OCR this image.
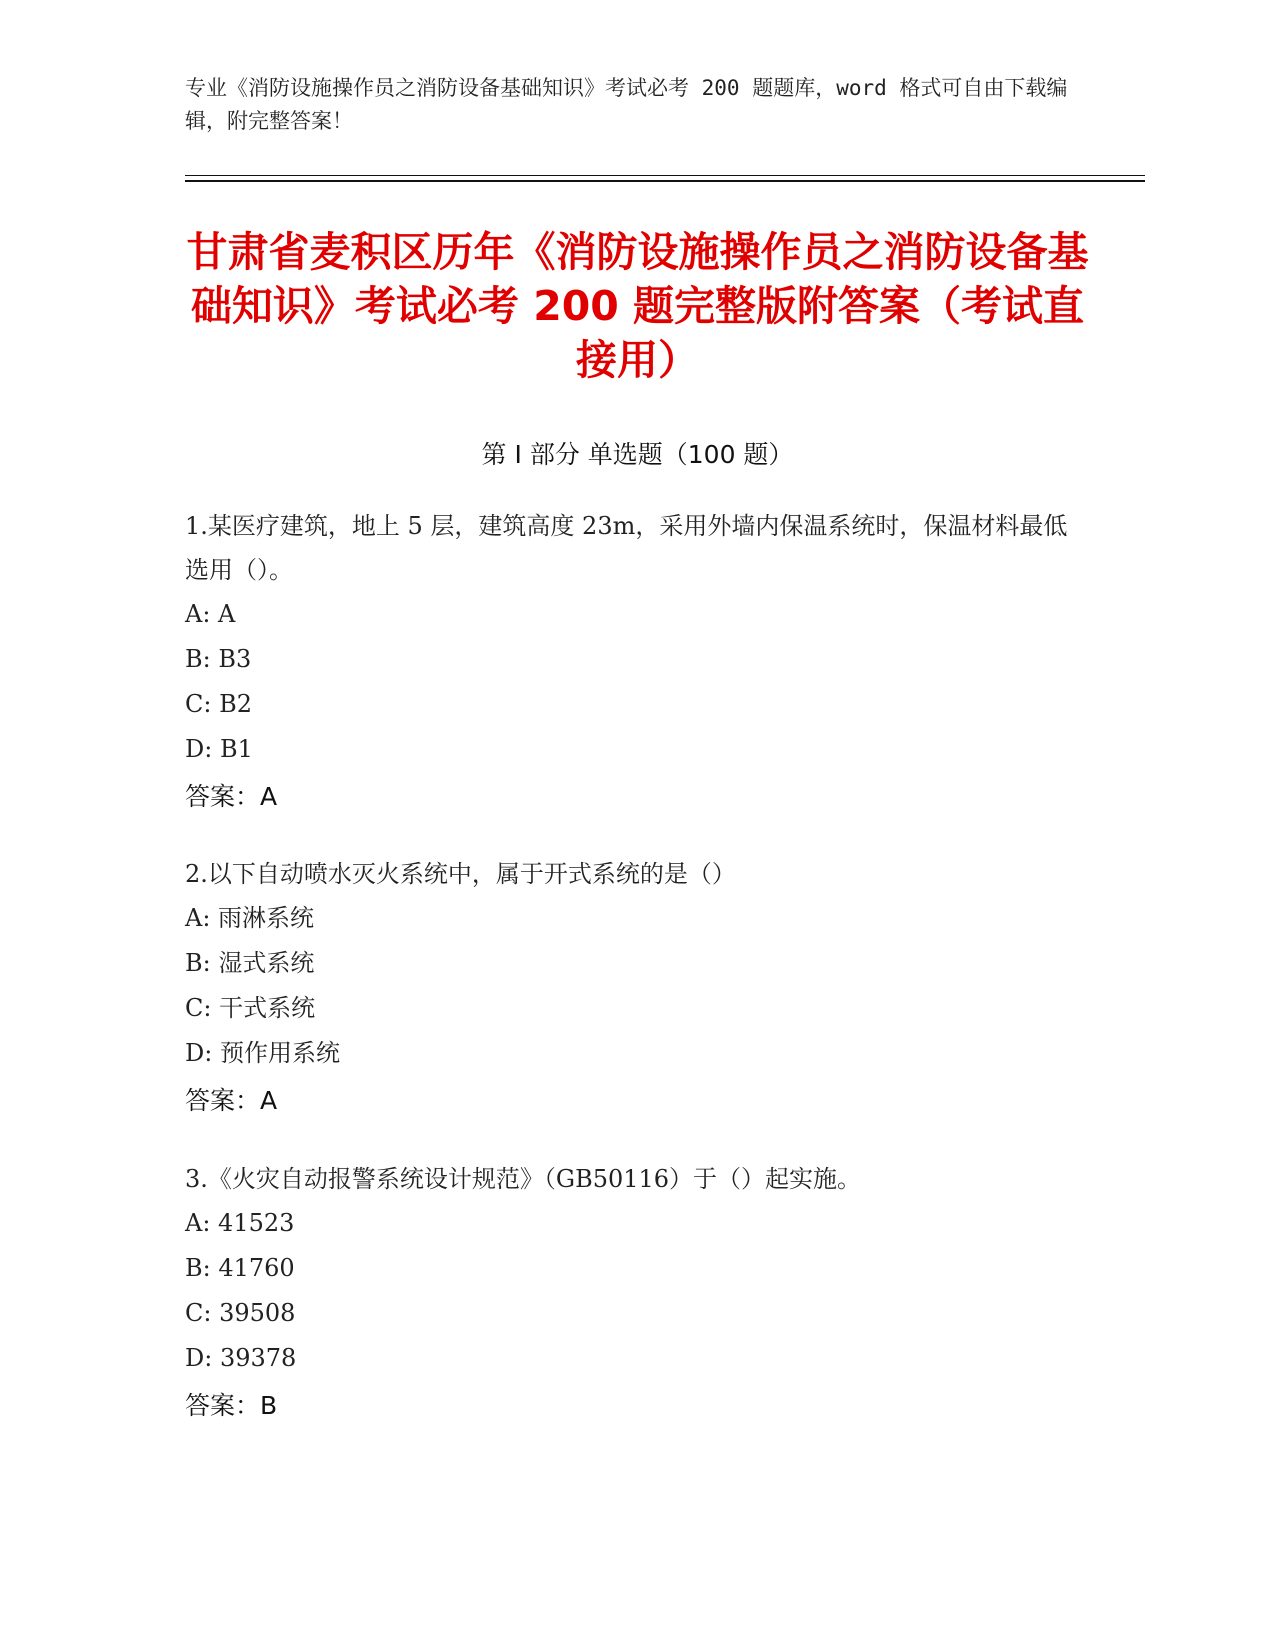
专业《消防设施操作员之消防设备基础知识》考试必考 200 题题库，word 格式可自由下载编辑，附完整答案！
甘肃省麦积区历年《消防设施操作员之消防设备基础知识》考试必考 200 题完整版附答案（考试直接用）
第 I 部分 单选题（100 题）
1.某医疗建筑，地上 5 层，建筑高度 23m，采用外墙内保温系统时，保温材料最低选用（）。
A: A
B: B3
C: B2
D: B1
答案：A
2.以下自动喷水灭火系统中，属于开式系统的是（）
A: 雨淋系统
B: 湿式系统
C: 干式系统
D: 预作用系统
答案：A
3.《火灾自动报警系统设计规范》（GB50116）于（）起实施。
A: 41523
B: 41760
C: 39508
D: 39378
答案：B
